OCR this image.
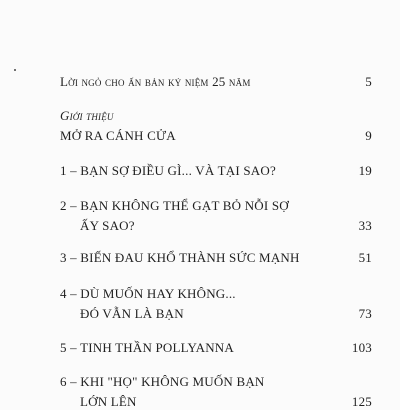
Lời ngỏ cho ấn bản kỷ niệm 25 năm	5
Giới thiệu
MỞ RA CÁNH CỬA	9
1 – BẠN SỢ ĐIỀU GÌ... VÀ TẠI SAO?	19
2 – BẠN KHÔNG THỂ GẠT BỎ NỖI SỢ
ẤY SAO?	33
3 – BIẾN ĐAU KHỔ THÀNH SỨC MẠNH	51
4 – DÙ MUỐN HAY KHÔNG...
ĐÓ VẪN LÀ BẠN	73
5 – TINH THẦN POLLYANNA	103
6 – KHI "HỌ" KHÔNG MUỐN BẠN
LỚN LÊN	125
